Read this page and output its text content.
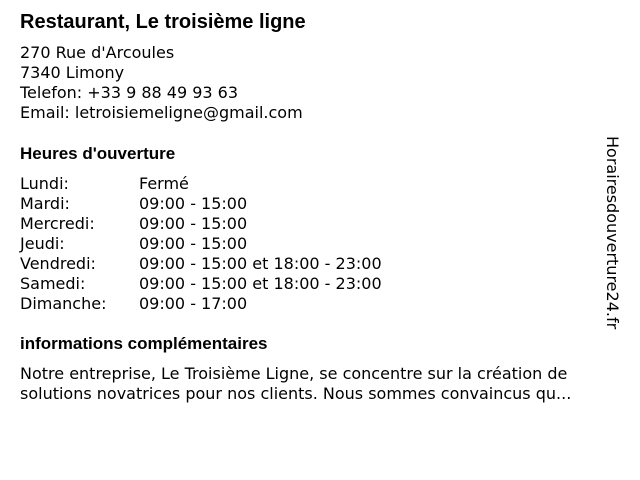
Restaurant, Le troisième ligne
270 Rue d'Arcoules
7340 Limony
Telefon: +33 9 88 49 93 63
Email: letroisiemeligne@gmail.com
Heures d'ouverture
Lundi:	Fermé
Mardi:	09:00 - 15:00
Mercredi:	09:00 - 15:00
Jeudi:	09:00 - 15:00
Vendredi:	09:00 - 15:00 et 18:00 - 23:00
Samedi:	09:00 - 15:00 et 18:00 - 23:00
Dimanche: 09:00 - 17:00
informations complémentaires
Notre entreprise, Le Troisième Ligne, se concentre sur la création de
solutions novatrices pour nos clients. Nous sommes convaincus qu...
Horairesdouverture24.fr
